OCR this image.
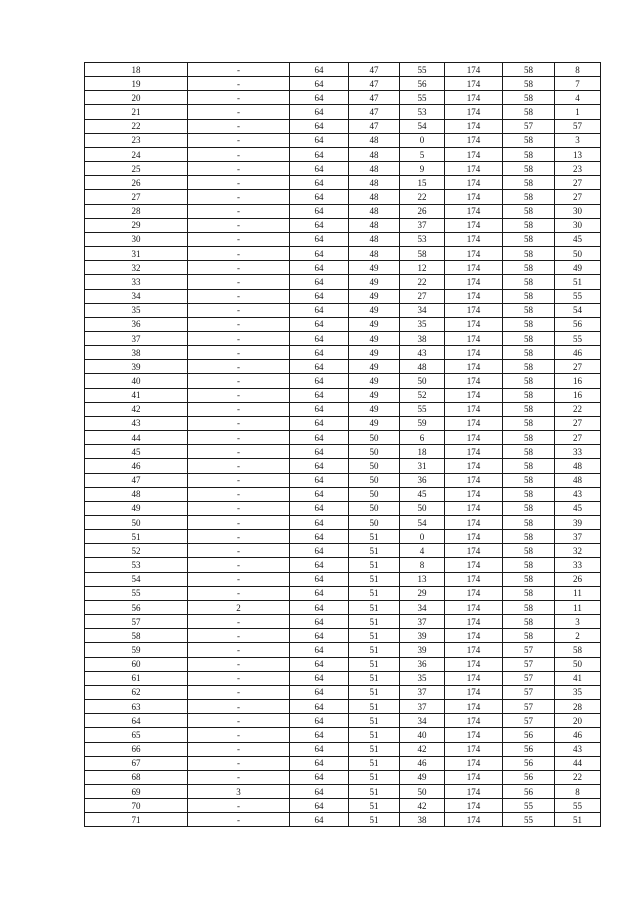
18	-	64	47	55	174	58	8
19	-	64	47	56	174	58	7
20	-	64	47	55	174	58	4
21	-	64	47	53	174	58	1
22	-	64	47	54	174	57	57
23	-	64	48	0	174	58	3
24	-	64	48	5	174	58	13
25	-	64	48	9	174	58	23
26	-	64	48	15	174	58	27
27	-	64	48	22	174	58	27
28	-	64	48	26	174	58	30
29	-	64	48	37	174	58	30
30	-	64	48	53	174	58	45
31	-	64	48	58	174	58	50
32	-	64	49	12	174	58	49
33	-	64	49	22	174	58	51
34	-	64	49	27	174	58	55
35	-	64	49	34	174	58	54
36	-	64	49	35	174	58	56
37	-	64	49	38	174	58	55
38	-	64	49	43	174	58	46
39	-	64	49	48	174	58	27
40	-	64	49	50	174	58	16
41	-	64	49	52	174	58	16
42	-	64	49	55	174	58	22
43	-	64	49	59	174	58	27
44	-	64	50	6	174	58	27
45	-	64	50	18	174	58	33
46	-	64	50	31	174	58	48
47	-	64	50	36	174	58	48
48	-	64	50	45	174	58	43
49	-	64	50	50	174	58	45
50	-	64	50	54	174	58	39
51	-	64	51	0	174	58	37
52	-	64	51	4	174	58	32
53	-	64	51	8	174	58	33
54	-	64	51	13	174	58	26
55	-	64	51	29	174	58	11
56	2	64	51	34	174	58	11
57	-	64	51	37	174	58	3
58	-	64	51	39	174	58	2
59	-	64	51	39	174	57	58
60	-	64	51	36	174	57	50
61	-	64	51	35	174	57	41
62	-	64	51	37	174	57	35
63	-	64	51	37	174	57	28
64	-	64	51	34	174	57	20
65	-	64	51	40	174	56	46
66	-	64	51	42	174	56	43
67	-	64	51	46	174	56	44
68	-	64	51	49	174	56	22
69	3	64	51	50	174	56	8
70	-	64	51	42	174	55	55
71	-	64	51	38	174	55	51
